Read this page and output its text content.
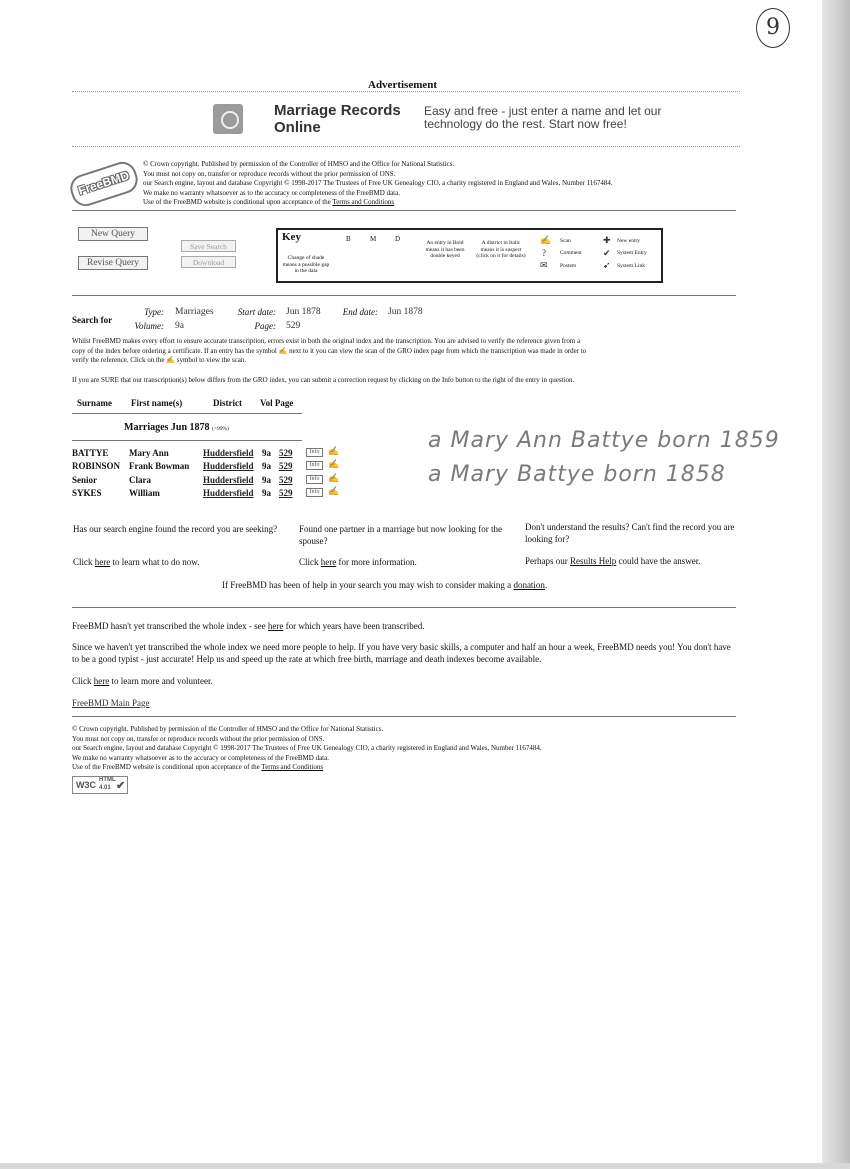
9
Advertisement
Marriage Records Online
Easy and free - just enter a name and let our technology do the rest. Start now free!
FreeBMD
© Crown copyright. Published by permission of the Controller of HMSO and the Office for National Statistics.
You must not copy on, transfer or reproduce records without the prior permission of ONS.
our Search engine, layout and database Copyright © 1998-2017 The Trustees of Free UK Genealogy CIO, a charity registered in England and Wales, Number 1167484.
We make no warranty whatsoever as to the accuracy or completeness of the FreeBMD data.
Use of the FreeBMD website is conditional upon acceptance of the Terms and Conditions
New Query
Revise Query
Save Search
Download
Key	B	M	D
Change of shade means a possible gap in the data
An entry in Bold means it has been double keyed
A district in Italic means it is suspect (click on it for details)
✍ Scan
?	Comment
✉ Postem
✚ New entry
✔ System Entry
➹ System Link
Search for
Type: Marriages	Start date: Jun 1878	End date: Jun 1878
Volume: 9a	Page: 529
Whilst FreeBMD makes every effort to ensure accurate transcription, errors exist in both the original index and the transcription. You are advised to verify the reference given from a
copy of the index before ordering a certificate. If an entry has the symbol ✍ next to it you can view the scan of the GRO index page from which the transcription was made in order to
verify the reference. Click on the ✍ symbol to view the scan.
If you are SURE that our transcription(s) below differs from the GRO index, you can submit a correction request by clicking on the Info button to the right of the entry in question.
Surname First name(s)	District Vol Page
Marriages Jun 1878 (>99%)
BATTYE Mary Ann	Huddersfield 9a 529	Info ✍
ROBINSON Frank Bowman Huddersfield 9a 529	Info ✍
Senior	Clara	Huddersfield 9a 529	Info ✍
SYKES	William	Huddersfield 9a 529	Info ✍
a Mary Ann Battye born 1859
a Mary Battye born 1858
Has our search engine found the record you are seeking?
Click here to learn what to do now.
Found one partner in a marriage but now looking for the spouse?
Click here for more information.
Don't understand the results? Can't find the record you are looking for?
Perhaps our Results Help could have the answer.
If FreeBMD has been of help in your search you may wish to consider making a donation.
FreeBMD hasn't yet transcribed the whole index - see here for which years have been transcribed.
Since we haven't yet transcribed the whole index we need more people to help. If you have very basic skills, a computer and half an hour a week, FreeBMD needs you! You don't have to be a good typist - just accurate! Help us and speed up the rate at which free birth, marriage and death indexes become available.
Click here to learn more and volunteer.
FreeBMD Main Page
© Crown copyright. Published by permission of the Controller of HMSO and the Office for National Statistics.
You must not copy on, transfer or reproduce records without the prior permission of ONS.
our Search engine, layout and database Copyright © 1998-2017 The Trustees of Free UK Genealogy CIO, a charity registered in England and Wales, Number 1167484.
We make no warranty whatsoever as to the accuracy or completeness of the FreeBMD data.
Use of the FreeBMD website is conditional upon acceptance of the Terms and Conditions
W3C HTML
4.01 ✔
